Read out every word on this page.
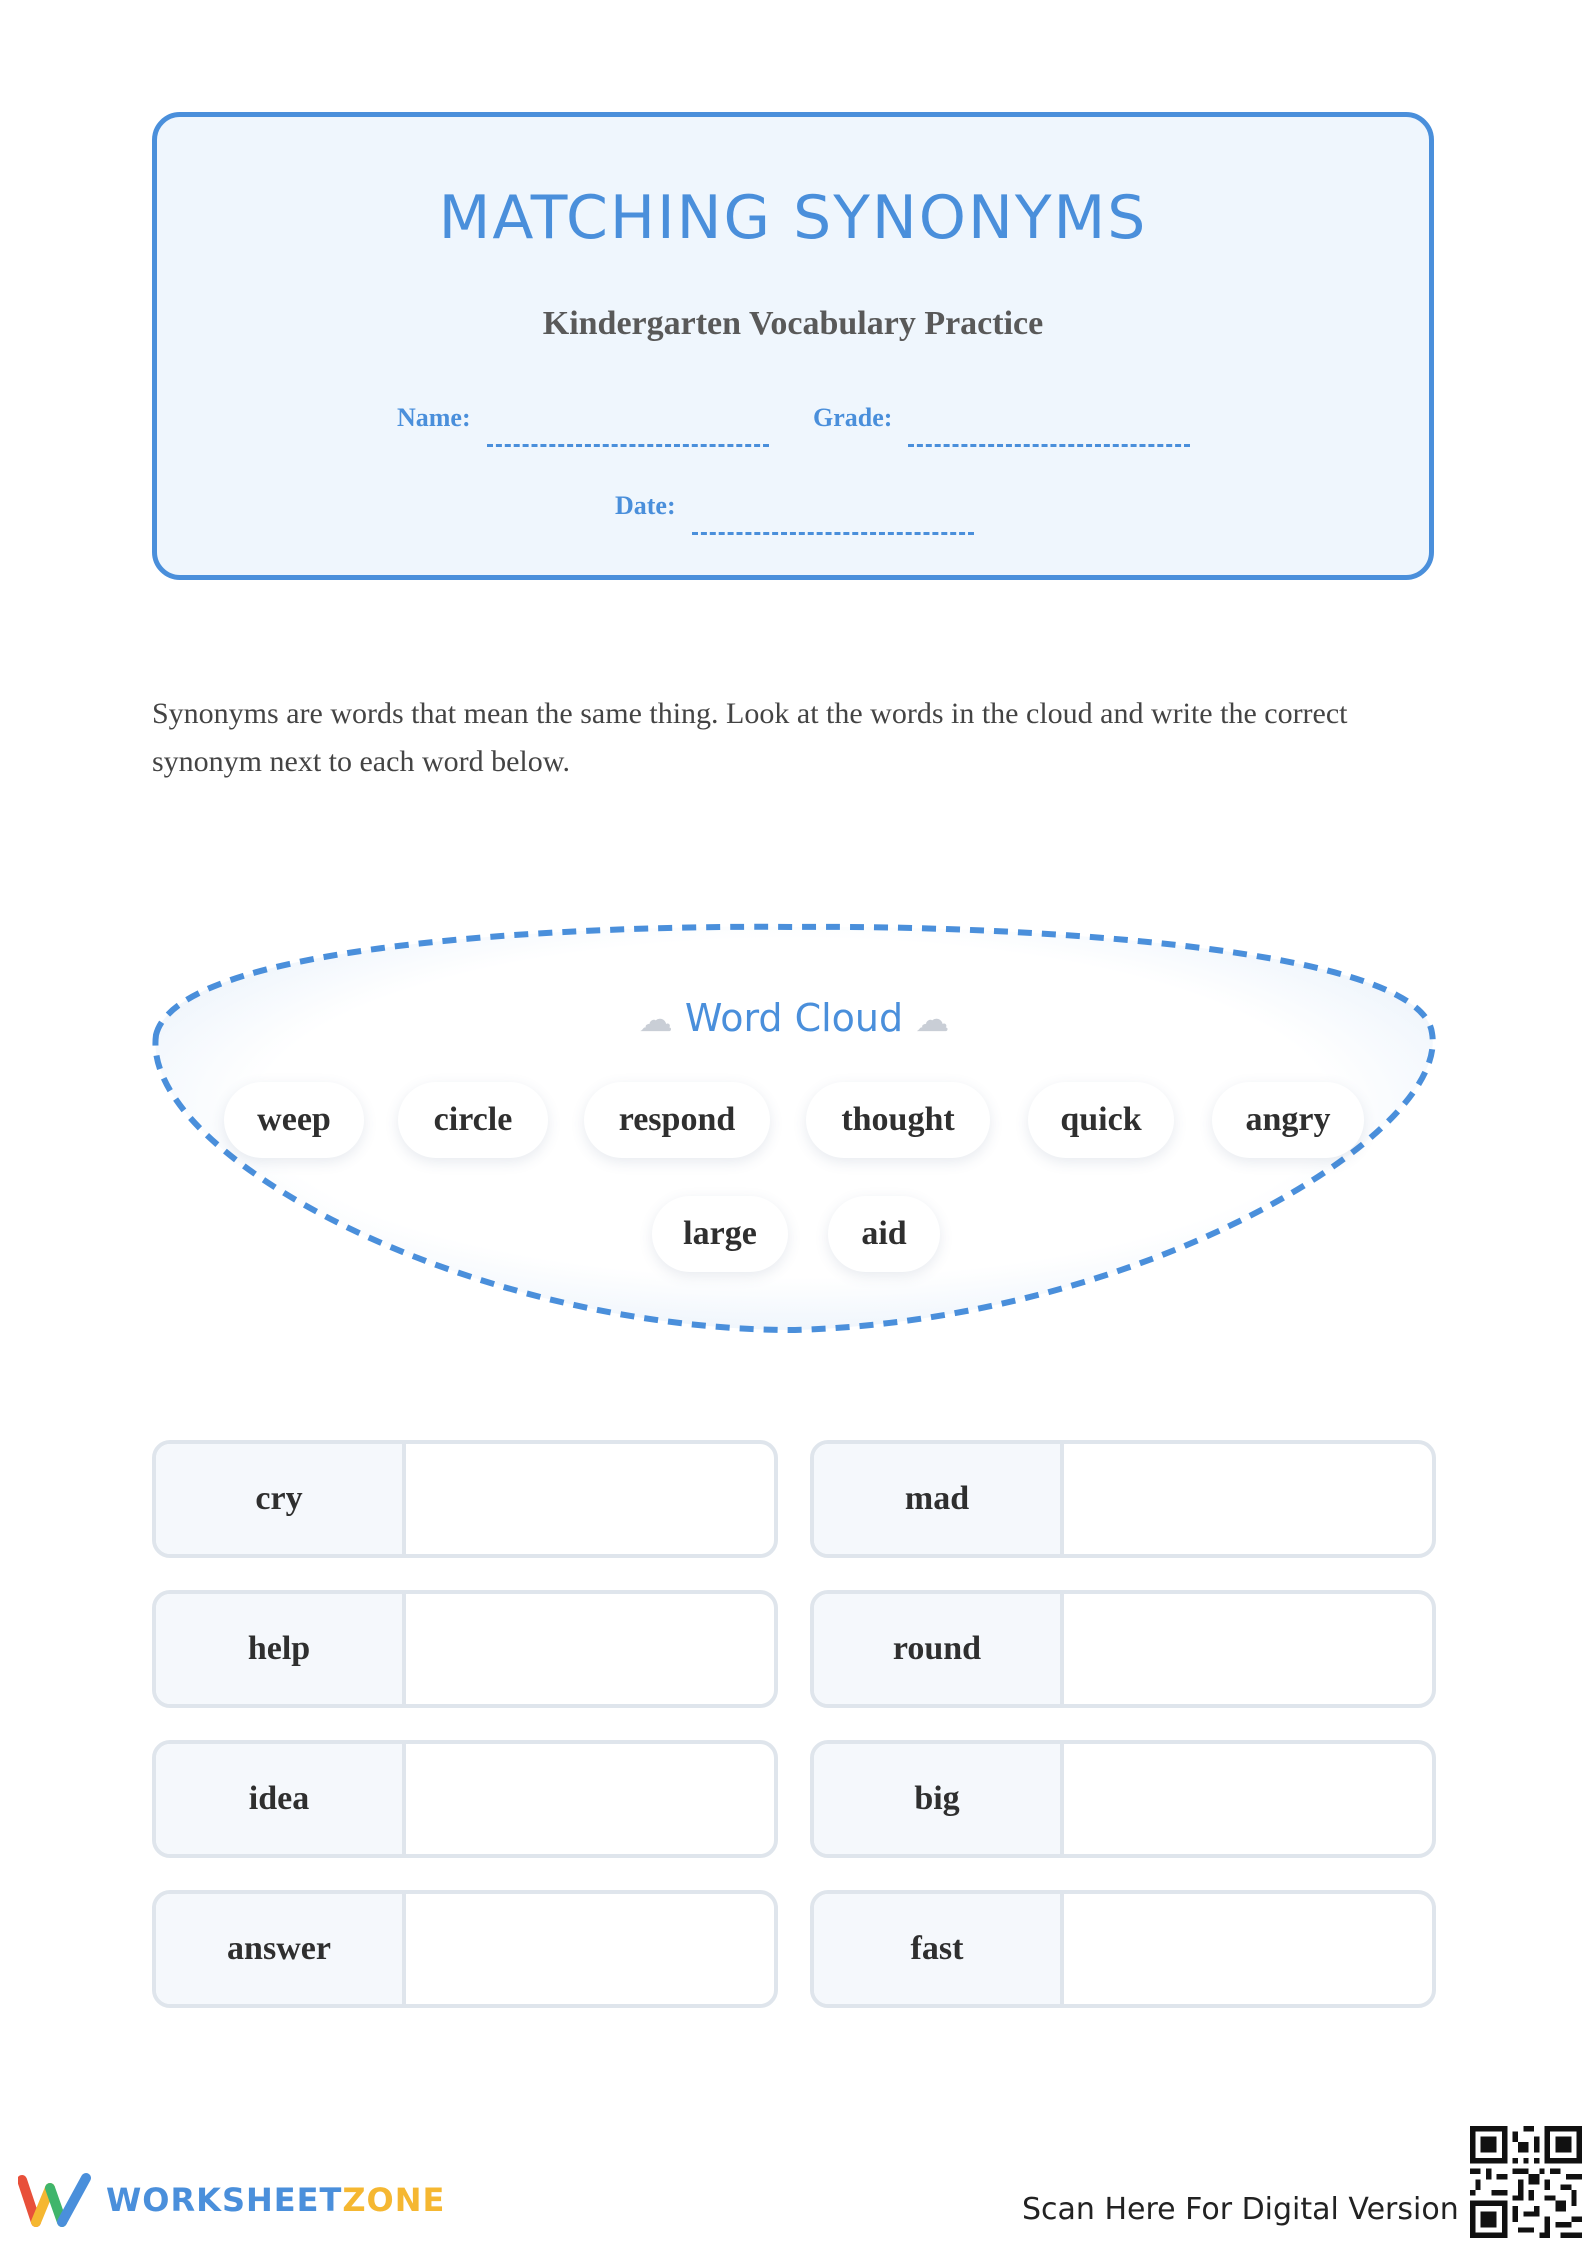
MATCHING SYNONYMS
Kindergarten Vocabulary Practice
Name:	Grade:
Date:

Synonyms are words that mean the same thing. Look at the words in the cloud and write the correct synonym next to each word below.

☁ Word Cloud ☁
weep	circle	respond	thought	quick	angry
large	aid
cry	mad
help	round
idea	big
answer	fast
WORKSHEETZONE	Scan Here For Digital Version
